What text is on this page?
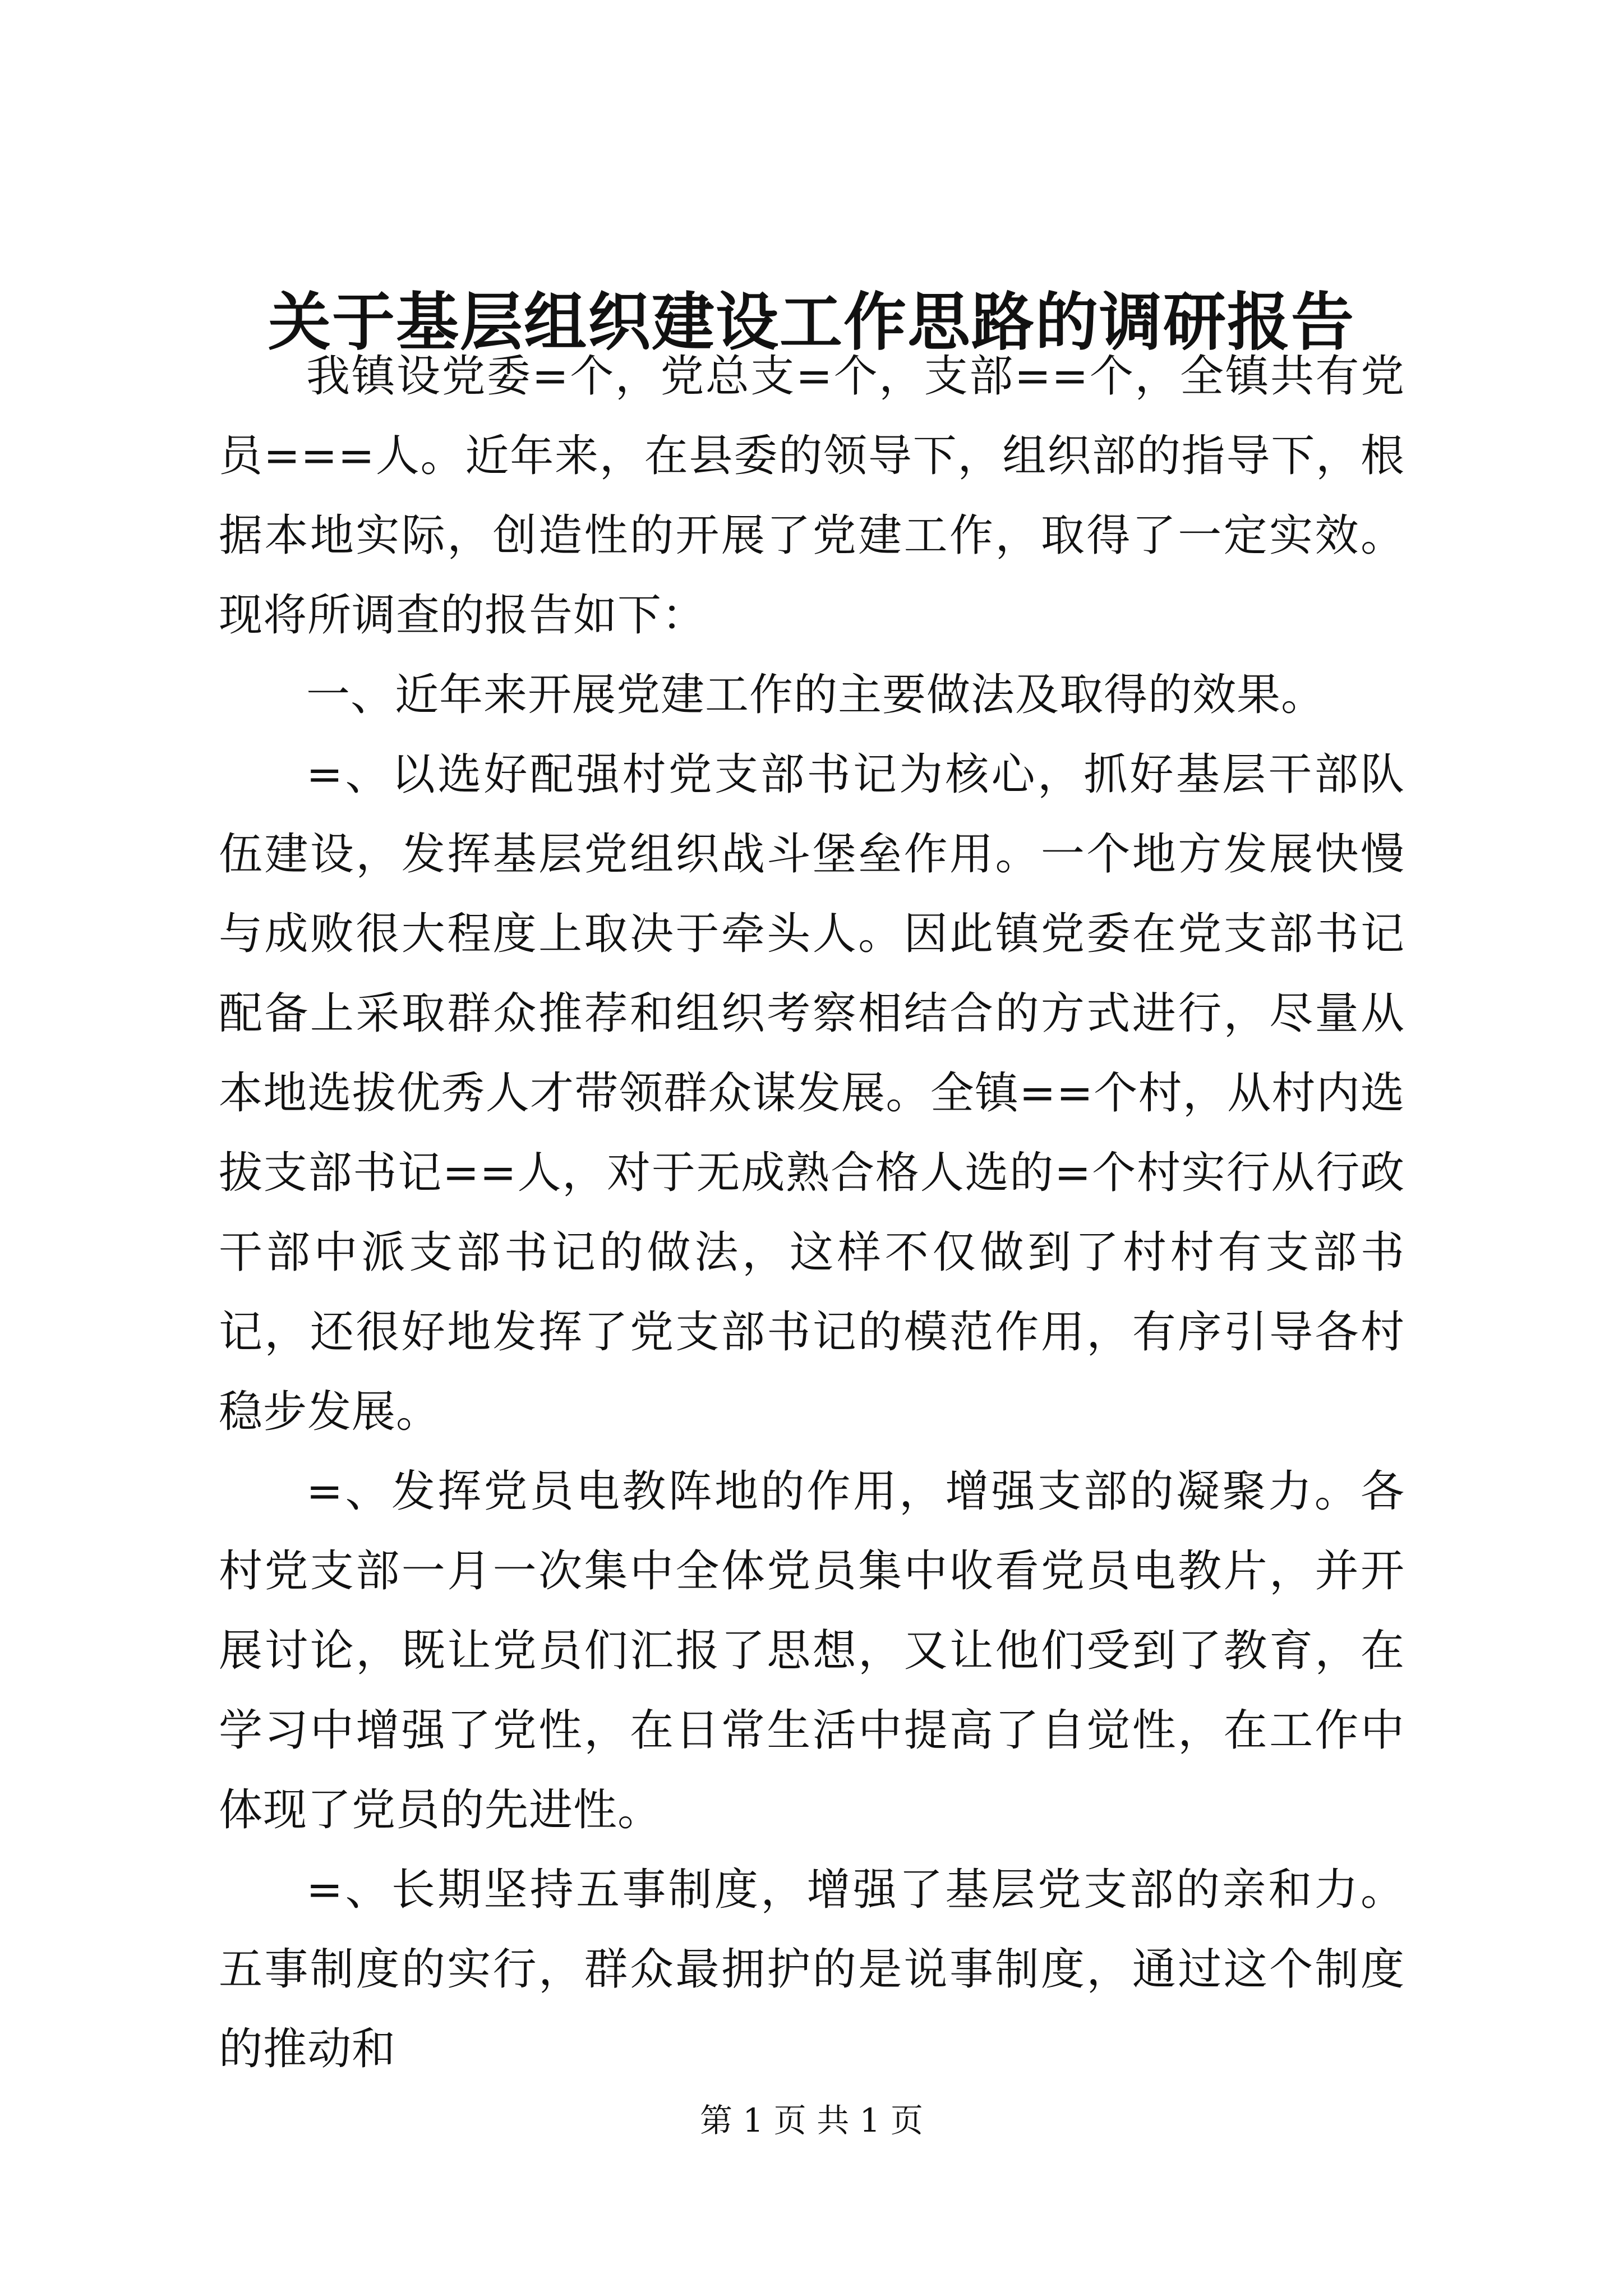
关于基层组织建设工作思路的调研报告

我镇设党委=个，党总支=个，支部==个，全镇共有党员===人。近年来，在县委的领导下，组织部的指导下，根据本地实际，创造性的开展了党建工作，取得了一定实效。现将所调查的报告如下：

一、近年来开展党建工作的主要做法及取得的效果。

=、以选好配强村党支部书记为核心，抓好基层干部队伍建设，发挥基层党组织战斗堡垒作用。一个地方发展快慢与成败很大程度上取决于牵头人。因此镇党委在党支部书记配备上采取群众推荐和组织考察相结合的方式进行，尽量从本地选拔优秀人才带领群众谋发展。全镇==个村，从村内选拔支部书记==人，对于无成熟合格人选的=个村实行从行政干部中派支部书记的做法，这样不仅做到了村村有支部书记，还很好地发挥了党支部书记的模范作用，有序引导各村稳步发展。

=、发挥党员电教阵地的作用，增强支部的凝聚力。各村党支部一月一次集中全体党员集中收看党员电教片，并开展讨论，既让党员们汇报了思想，又让他们受到了教育，在学习中增强了党性，在日常生活中提高了自觉性，在工作中体现了党员的先进性。

=、长期坚持五事制度，增强了基层党支部的亲和力。五事制度的实行，群众最拥护的是说事制度，通过这个制度的推动和

第 1 页 共 1 页
